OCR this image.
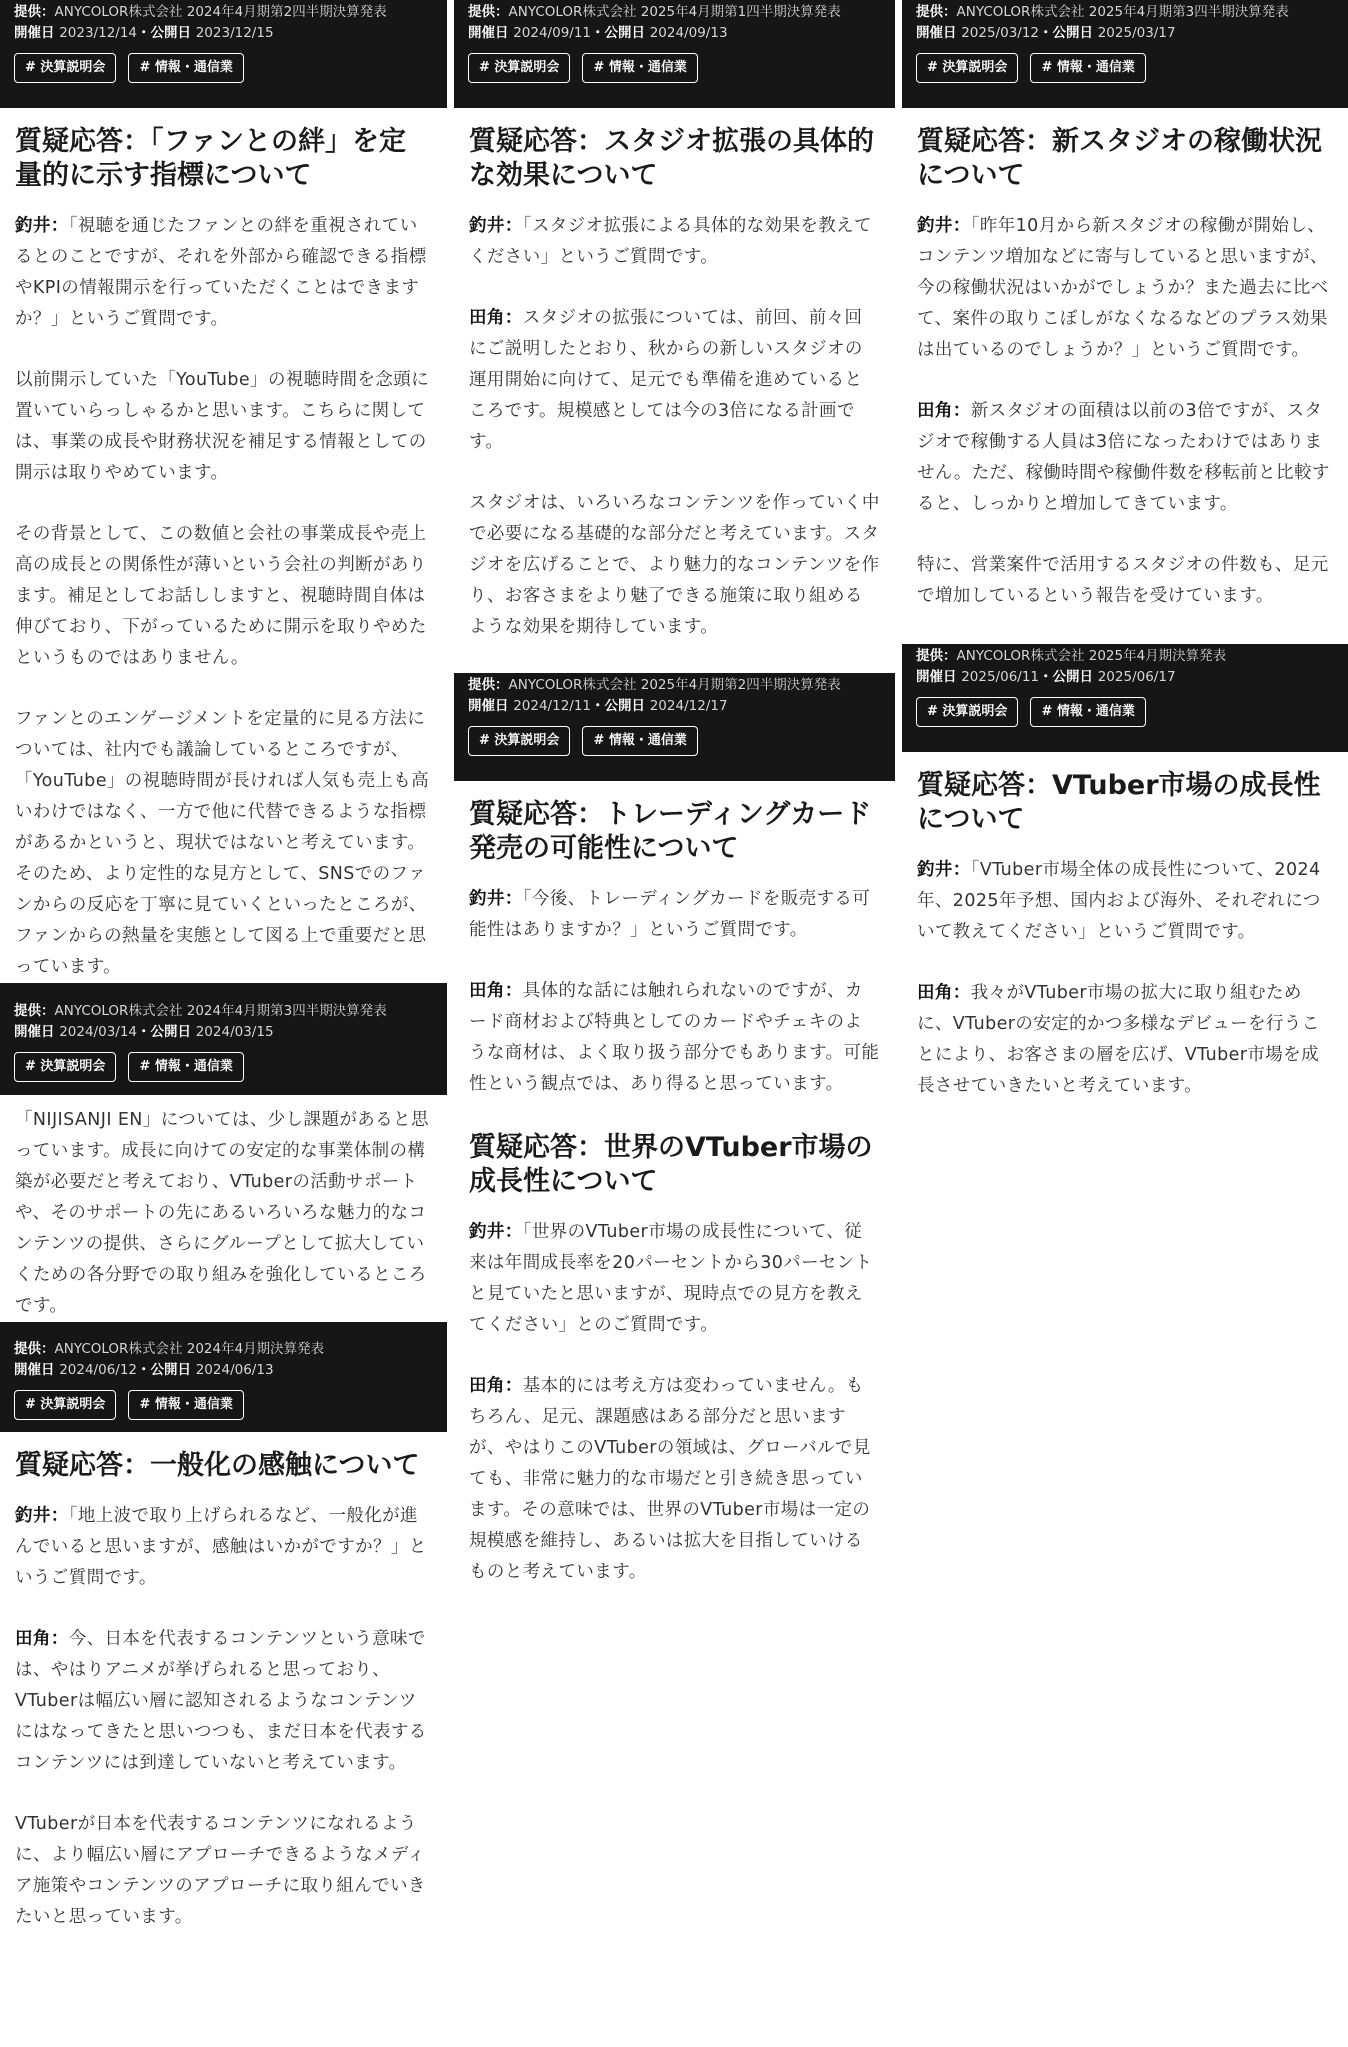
提供：ANYCOLOR株式会社 2024年4月期第2四半期決算発表
開催日 2023/12/14・公開日 2023/12/15
# 決算説明会	# 情報・通信業
質疑応答：「ファンとの絆」を定量的に示す指標について

釣井：「視聴を通じたファンとの絆を重視されているとのことですが、それを外部から確認できる指標やKPIの情報開示を行っていただくことはできますか？」というご質問です。

以前開示していた「YouTube」の視聴時間を念頭に置いていらっしゃるかと思います。こちらに関しては、事業の成長や財務状況を補足する情報としての開示は取りやめています。

その背景として、この数値と会社の事業成長や売上高の成長との関係性が薄いという会社の判断があります。補足としてお話ししますと、視聴時間自体は伸びており、下がっているために開示を取りやめたというものではありません。

ファンとのエンゲージメントを定量的に見る方法については、社内でも議論しているところですが、「YouTube」の視聴時間が長ければ人気も売上も高いわけではなく、一方で他に代替できるような指標があるかというと、現状ではないと考えています。そのため、より定性的な見方として、SNSでのファンからの反応を丁寧に見ていくといったところが、ファンからの熱量を実態として図る上で重要だと思っています。

提供：ANYCOLOR株式会社 2024年4月期第3四半期決算発表
開催日 2024/03/14・公開日 2024/03/15
# 決算説明会	# 情報・通信業

「NIJISANJI EN」については、少し課題があると思っています。成長に向けての安定的な事業体制の構築が必要だと考えており、VTuberの活動サポートや、そのサポートの先にあるいろいろな魅力的なコンテンツの提供、さらにグループとして拡大していくための各分野での取り組みを強化しているところです。

提供：ANYCOLOR株式会社 2024年4月期決算発表
開催日 2024/06/12・公開日 2024/06/13
# 決算説明会	# 情報・通信業
質疑応答：一般化の感触について

釣井：「地上波で取り上げられるなど、一般化が進んでいると思いますが、感触はいかがですか？」というご質問です。

田角：今、日本を代表するコンテンツという意味では、やはりアニメが挙げられると思っており、VTuberは幅広い層に認知されるようなコンテンツにはなってきたと思いつつも、まだ日本を代表するコンテンツには到達していないと考えています。

VTuberが日本を代表するコンテンツになれるように、より幅広い層にアプローチできるようなメディア施策やコンテンツのアプローチに取り組んでいきたいと思っています。

提供：ANYCOLOR株式会社 2025年4月期第1四半期決算発表
開催日 2024/09/11・公開日 2024/09/13
# 決算説明会	# 情報・通信業
質疑応答：スタジオ拡張の具体的な効果について

釣井：「スタジオ拡張による具体的な効果を教えてください」というご質問です。

田角：スタジオの拡張については、前回、前々回にご説明したとおり、秋からの新しいスタジオの運用開始に向けて、足元でも準備を進めているところです。規模感としては今の3倍になる計画です。

スタジオは、いろいろなコンテンツを作っていく中で必要になる基礎的な部分だと考えています。スタジオを広げることで、より魅力的なコンテンツを作り、お客さまをより魅了できる施策に取り組めるような効果を期待しています。

提供：ANYCOLOR株式会社 2025年4月期第2四半期決算発表
開催日 2024/12/11・公開日 2024/12/17
# 決算説明会	# 情報・通信業
質疑応答：トレーディングカード発売の可能性について

釣井：「今後、トレーディングカードを販売する可能性はありますか？」というご質問です。

田角：具体的な話には触れられないのですが、カード商材および特典としてのカードやチェキのような商材は、よく取り扱う部分でもあります。可能性という観点では、あり得ると思っています。

質疑応答：世界のVTuber市場の成長性について

釣井：「世界のVTuber市場の成長性について、従来は年間成長率を20パーセントから30パーセントと見ていたと思いますが、現時点での見方を教えてください」とのご質問です。

田角：基本的には考え方は変わっていません。もちろん、足元、課題感はある部分だと思いますが、やはりこのVTuberの領域は、グローバルで見ても、非常に魅力的な市場だと引き続き思っています。その意味では、世界のVTuber市場は一定の規模感を維持し、あるいは拡大を目指していけるものと考えています。

提供：ANYCOLOR株式会社 2025年4月期第3四半期決算発表
開催日 2025/03/12・公開日 2025/03/17
# 決算説明会	# 情報・通信業
質疑応答：新スタジオの稼働状況について

釣井：「昨年10月から新スタジオの稼働が開始し、コンテンツ増加などに寄与していると思いますが、今の稼働状況はいかがでしょうか？また過去に比べて、案件の取りこぼしがなくなるなどのプラス効果は出ているのでしょうか？」というご質問です。

田角：新スタジオの面積は以前の3倍ですが、スタジオで稼働する人員は3倍になったわけではありません。ただ、稼働時間や稼働件数を移転前と比較すると、しっかりと増加してきています。

特に、営業案件で活用するスタジオの件数も、足元で増加しているという報告を受けています。

提供：ANYCOLOR株式会社 2025年4月期決算発表
開催日 2025/06/11・公開日 2025/06/17
# 決算説明会	# 情報・通信業
質疑応答：VTuber市場の成長性について

釣井：「VTuber市場全体の成長性について、2024年、2025年予想、国内および海外、それぞれについて教えてください」というご質問です。

田角：我々がVTuber市場の拡大に取り組むために、VTuberの安定的かつ多様なデビューを行うことにより、お客さまの層を広げ、VTuber市場を成長させていきたいと考えています。
